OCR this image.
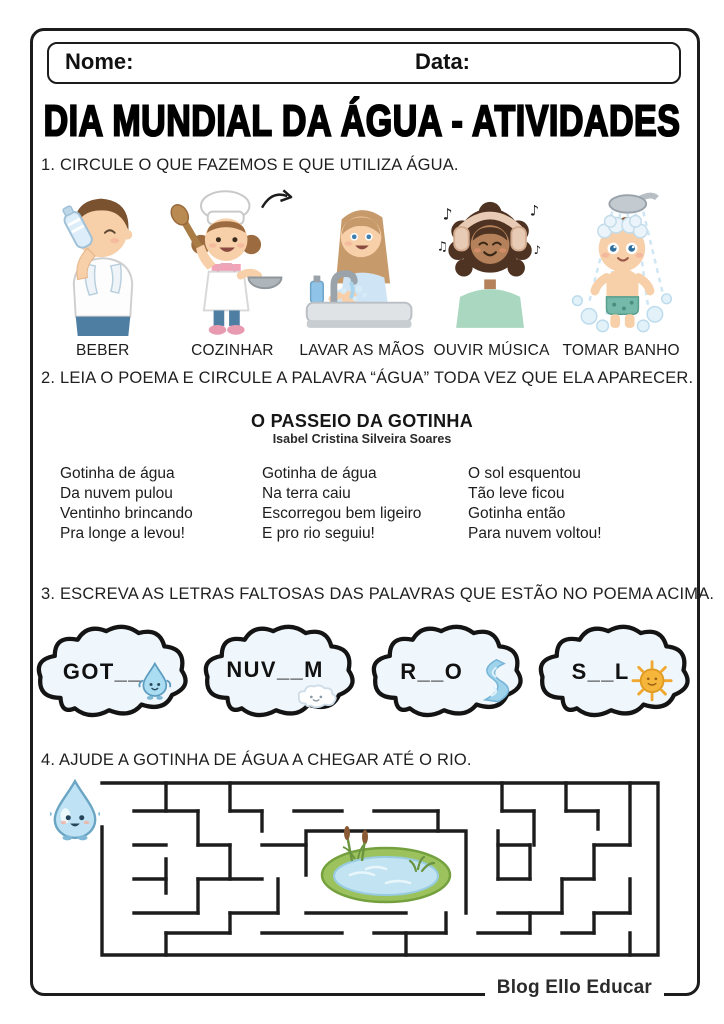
Nome:	Data:
DIA MUNDIAL DA ÁGUA - ATIVIDADES
1. CIRCULE O QUE FAZEMOS E QUE UTILIZA ÁGUA.
BEBER	COZINHAR LAVAR AS MÃOS
♪
♫
♪
♪
OUVIR MÚSICA TOMAR BANHO
2. LEIA O POEMA E CIRCULE A PALAVRA “ÁGUA” TODA VEZ QUE ELA APARECER.
O PASSEIO DA GOTINHA
Isabel Cristina Silveira Soares
Gotinha de água
Da nuvem pulou
Ventinho brincando
Pra longe a levou!
Gotinha de água
Na terra caiu
Escorregou bem ligeiro
E pro rio seguiu!
O sol esquentou
Tão leve ficou
Gotinha então
Para nuvem voltou!
3. ESCREVA AS LETRAS FALTOSAS DAS PALAVRAS QUE ESTÃO NO POEMA ACIMA.
GOT__	NUV__M	R__O	S__L
4. AJUDE A GOTINHA DE ÁGUA A CHEGAR ATÉ O RIO.
Blog Ello Educar
